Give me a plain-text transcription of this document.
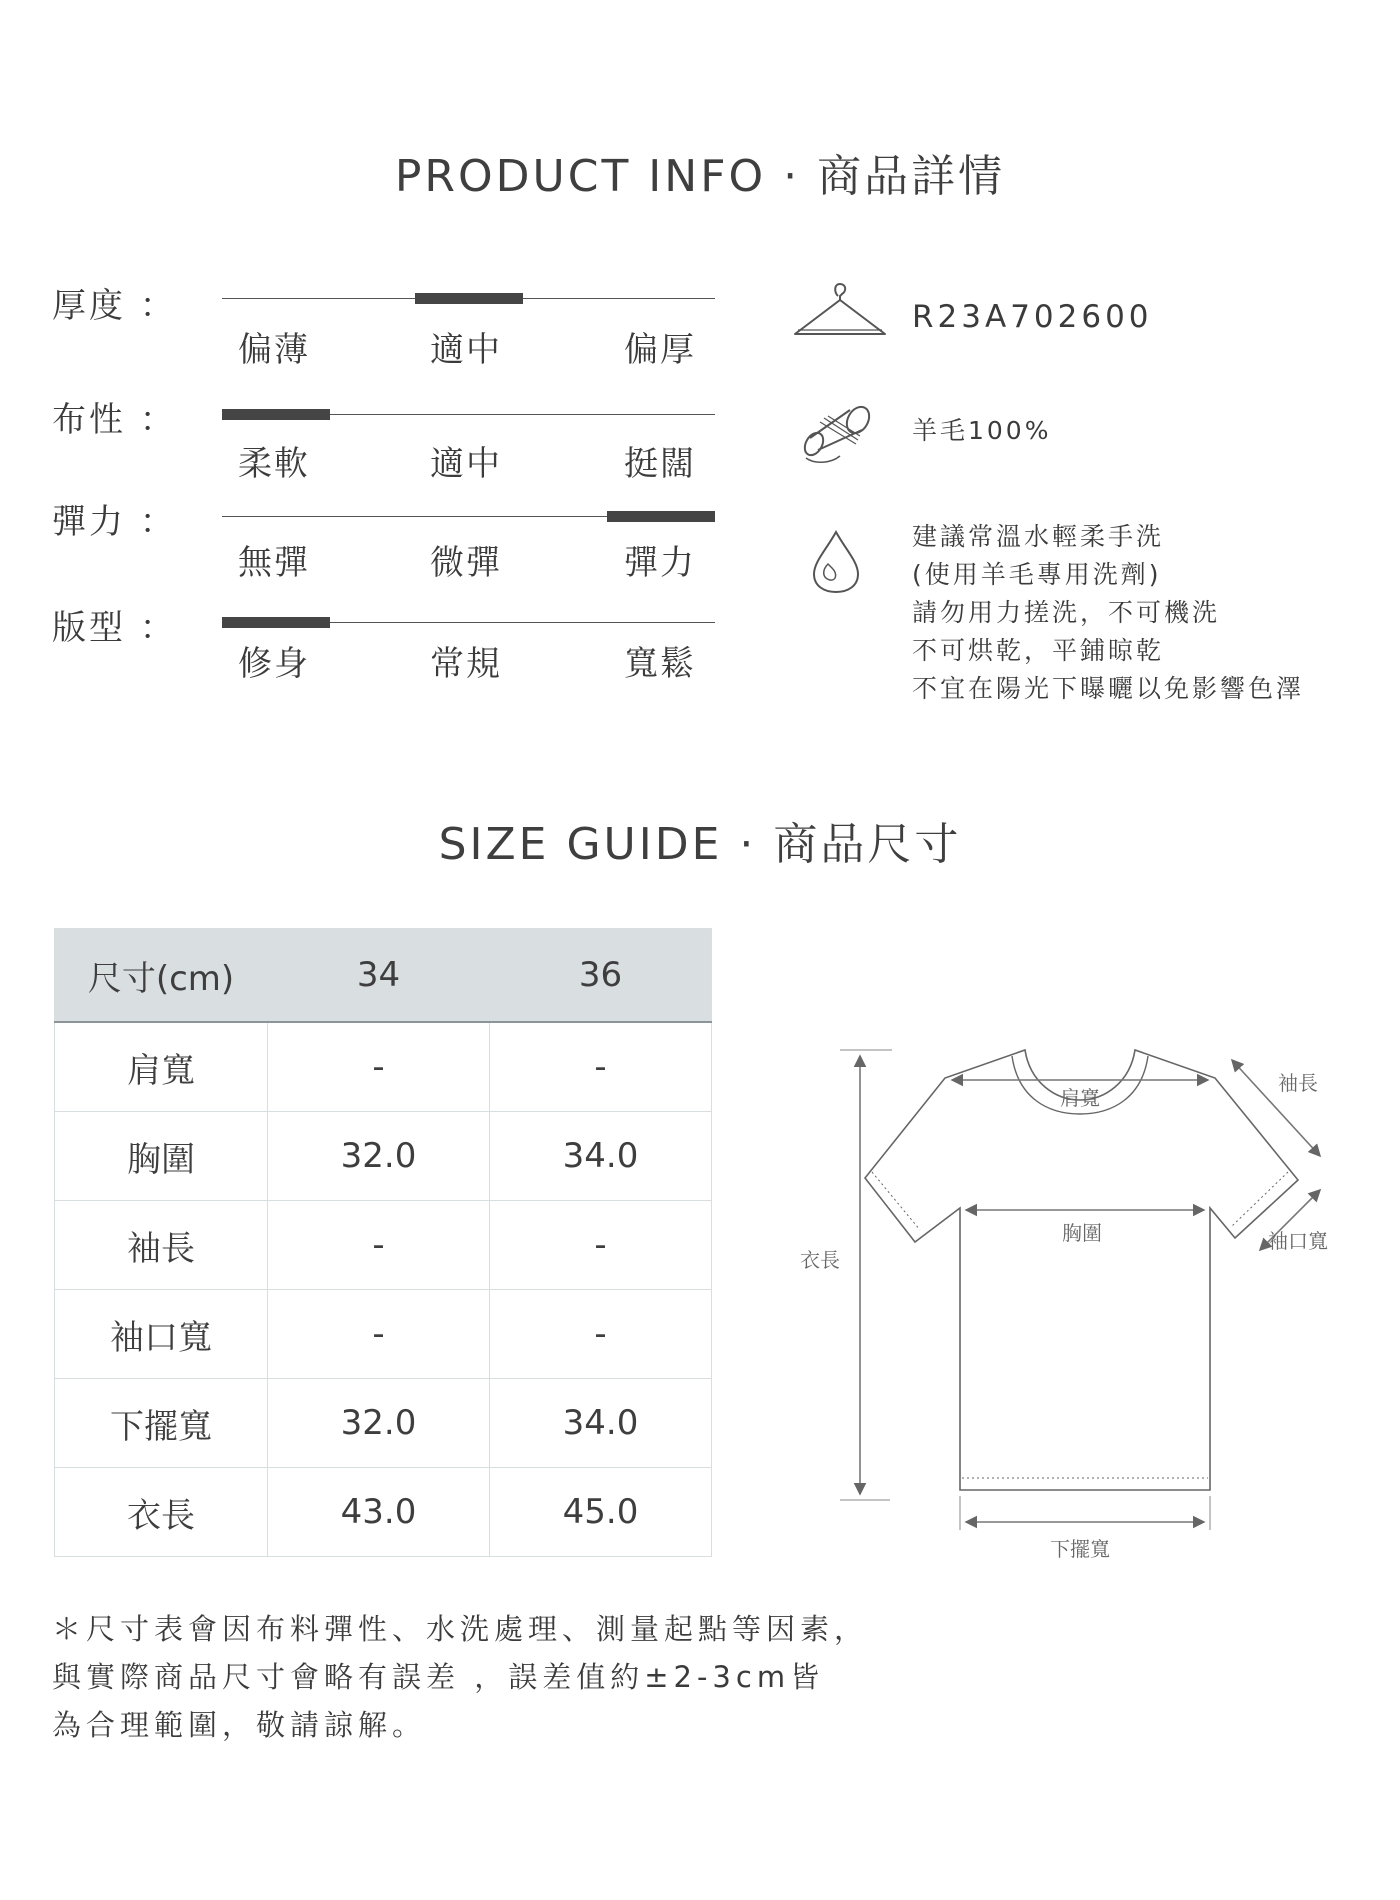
PRODUCT INFO · 商品詳情
厚度 ：
偏薄	適中	偏厚
布性 ：
柔軟	適中	挺闊
彈力 ：
無彈	微彈	彈力
版型 ：
修身	常規	寬鬆
R23A702600
羊毛100%
建議常溫水輕柔手洗
(使用羊毛專用洗劑)
請勿用力搓洗，不可機洗
不可烘乾，平鋪晾乾
不宜在陽光下曝曬以免影響色澤
SIZE GUIDE · 商品尺寸
尺寸(cm)	34	36
肩寬	-	-
胸圍	32.0	34.0
袖長	-	-
袖口寬	-	-
下擺寬	32.0	34.0
衣長	43.0	45.0
衣長
肩寬
胸圍
袖長
袖口寬
下擺寬
＊尺寸表會因布料彈性、水洗處理、測量起點等因素，
與實際商品尺寸會略有誤差 ，誤差值約±2-3cm皆
為合理範圍，敬請諒解。
